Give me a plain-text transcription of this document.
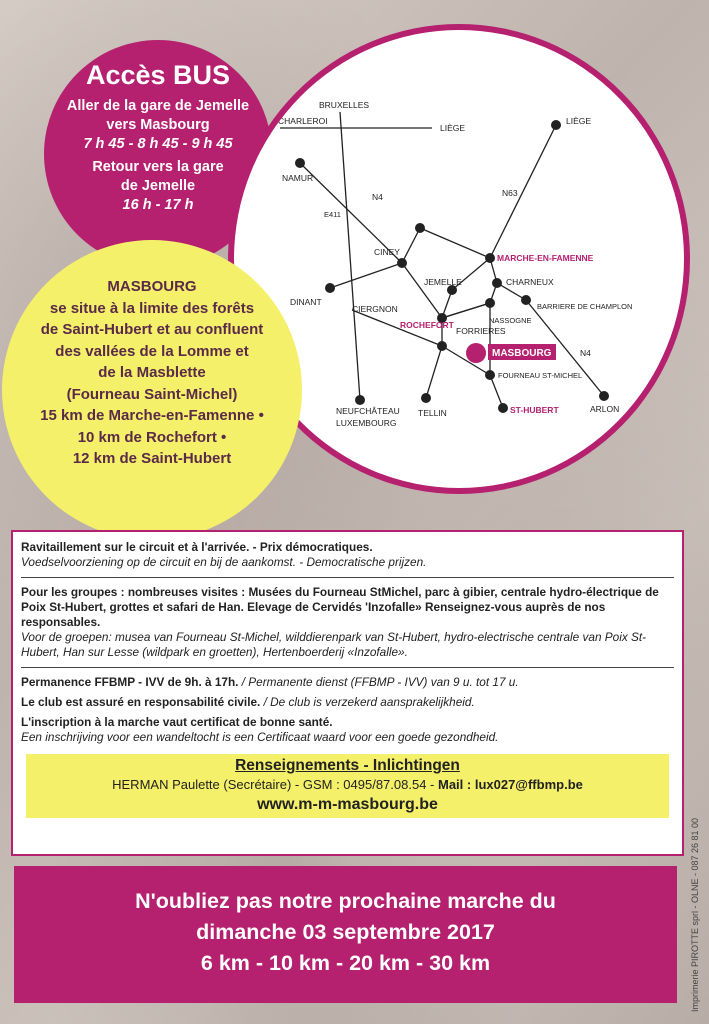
Accès BUS
Aller de la gare de Jemelle
vers Masbourg
7 h 45 - 8 h 45 - 9 h 45
Retour vers la gare
de Jemelle
16 h - 17 h
BRUXELLES
CHARLEROI
LIÈGE
LIÈGE
NAMUR
N4	N63
E411
CINEY
MARCHE-EN-FAMENNE
JEMELLE	CHARNEUX
DINANT
CIERGNON	BARRIERE DE CHAMPLON
ROCHEFORT	NASSOGNE
FORRIERES
MASBOURG	N4
FOURNEAU ST-MICHEL
NEUFCHÂTEAU
LUXEMBOURG
TELLIN	ST-HUBERT	ARLON
MASBOURG
se situe à la limite des forêts
de Saint-Hubert et au confluent
des vallées de la Lomme et
de la Masblette
(Fourneau Saint-Michel)
15 km de Marche-en-Famenne •
10 km de Rochefort •
12 km de Saint-Hubert

Ravitaillement sur le circuit et à l'arrivée. - Prix démocratiques.

Voedselvoorziening op de circuit en bij de aankomst. - Democratische prijzen.

Pour les groupes : nombreuses visites : Musées du Fourneau StMichel, parc à gibier, centrale hydro-électrique de Poix St-Hubert, grottes et safari de Han. Elevage de Cervidés 'Inzofalle» Renseignez-vous auprès de nos responsables.

Voor de groepen: musea van Fourneau St-Michel, wilddierenpark van St-Hubert, hydro-electrische centrale van Poix St-Hubert, Han sur Lesse (wildpark en groetten), Hertenboerderij «Inzofalle».

Permanence FFBMP - IVV de 9h. à 17h. / Permanente dienst (FFBMP - IVV) van 9 u. tot 17 u.

Le club est assuré en responsabilité civile. / De club is verzekerd aansprakelijkheid.

L'inscription à la marche vaut certificat de bonne santé.

Een inschrijving voor een wandeltocht is een Certificaat waard voor een goede gezondheid.

Renseignements - Inlichtingen
HERMAN Paulette (Secrétaire) - GSM : 0495/87.08.54 - Mail : lux027@ffbmp.be
www.m-m-masbourg.be
N'oubliez pas notre prochaine marche du
dimanche 03 septembre 2017
6 km - 10 km - 20 km - 30 km	Imprimerie PIROTTE sprl - OLNE - 087 26 81 00
